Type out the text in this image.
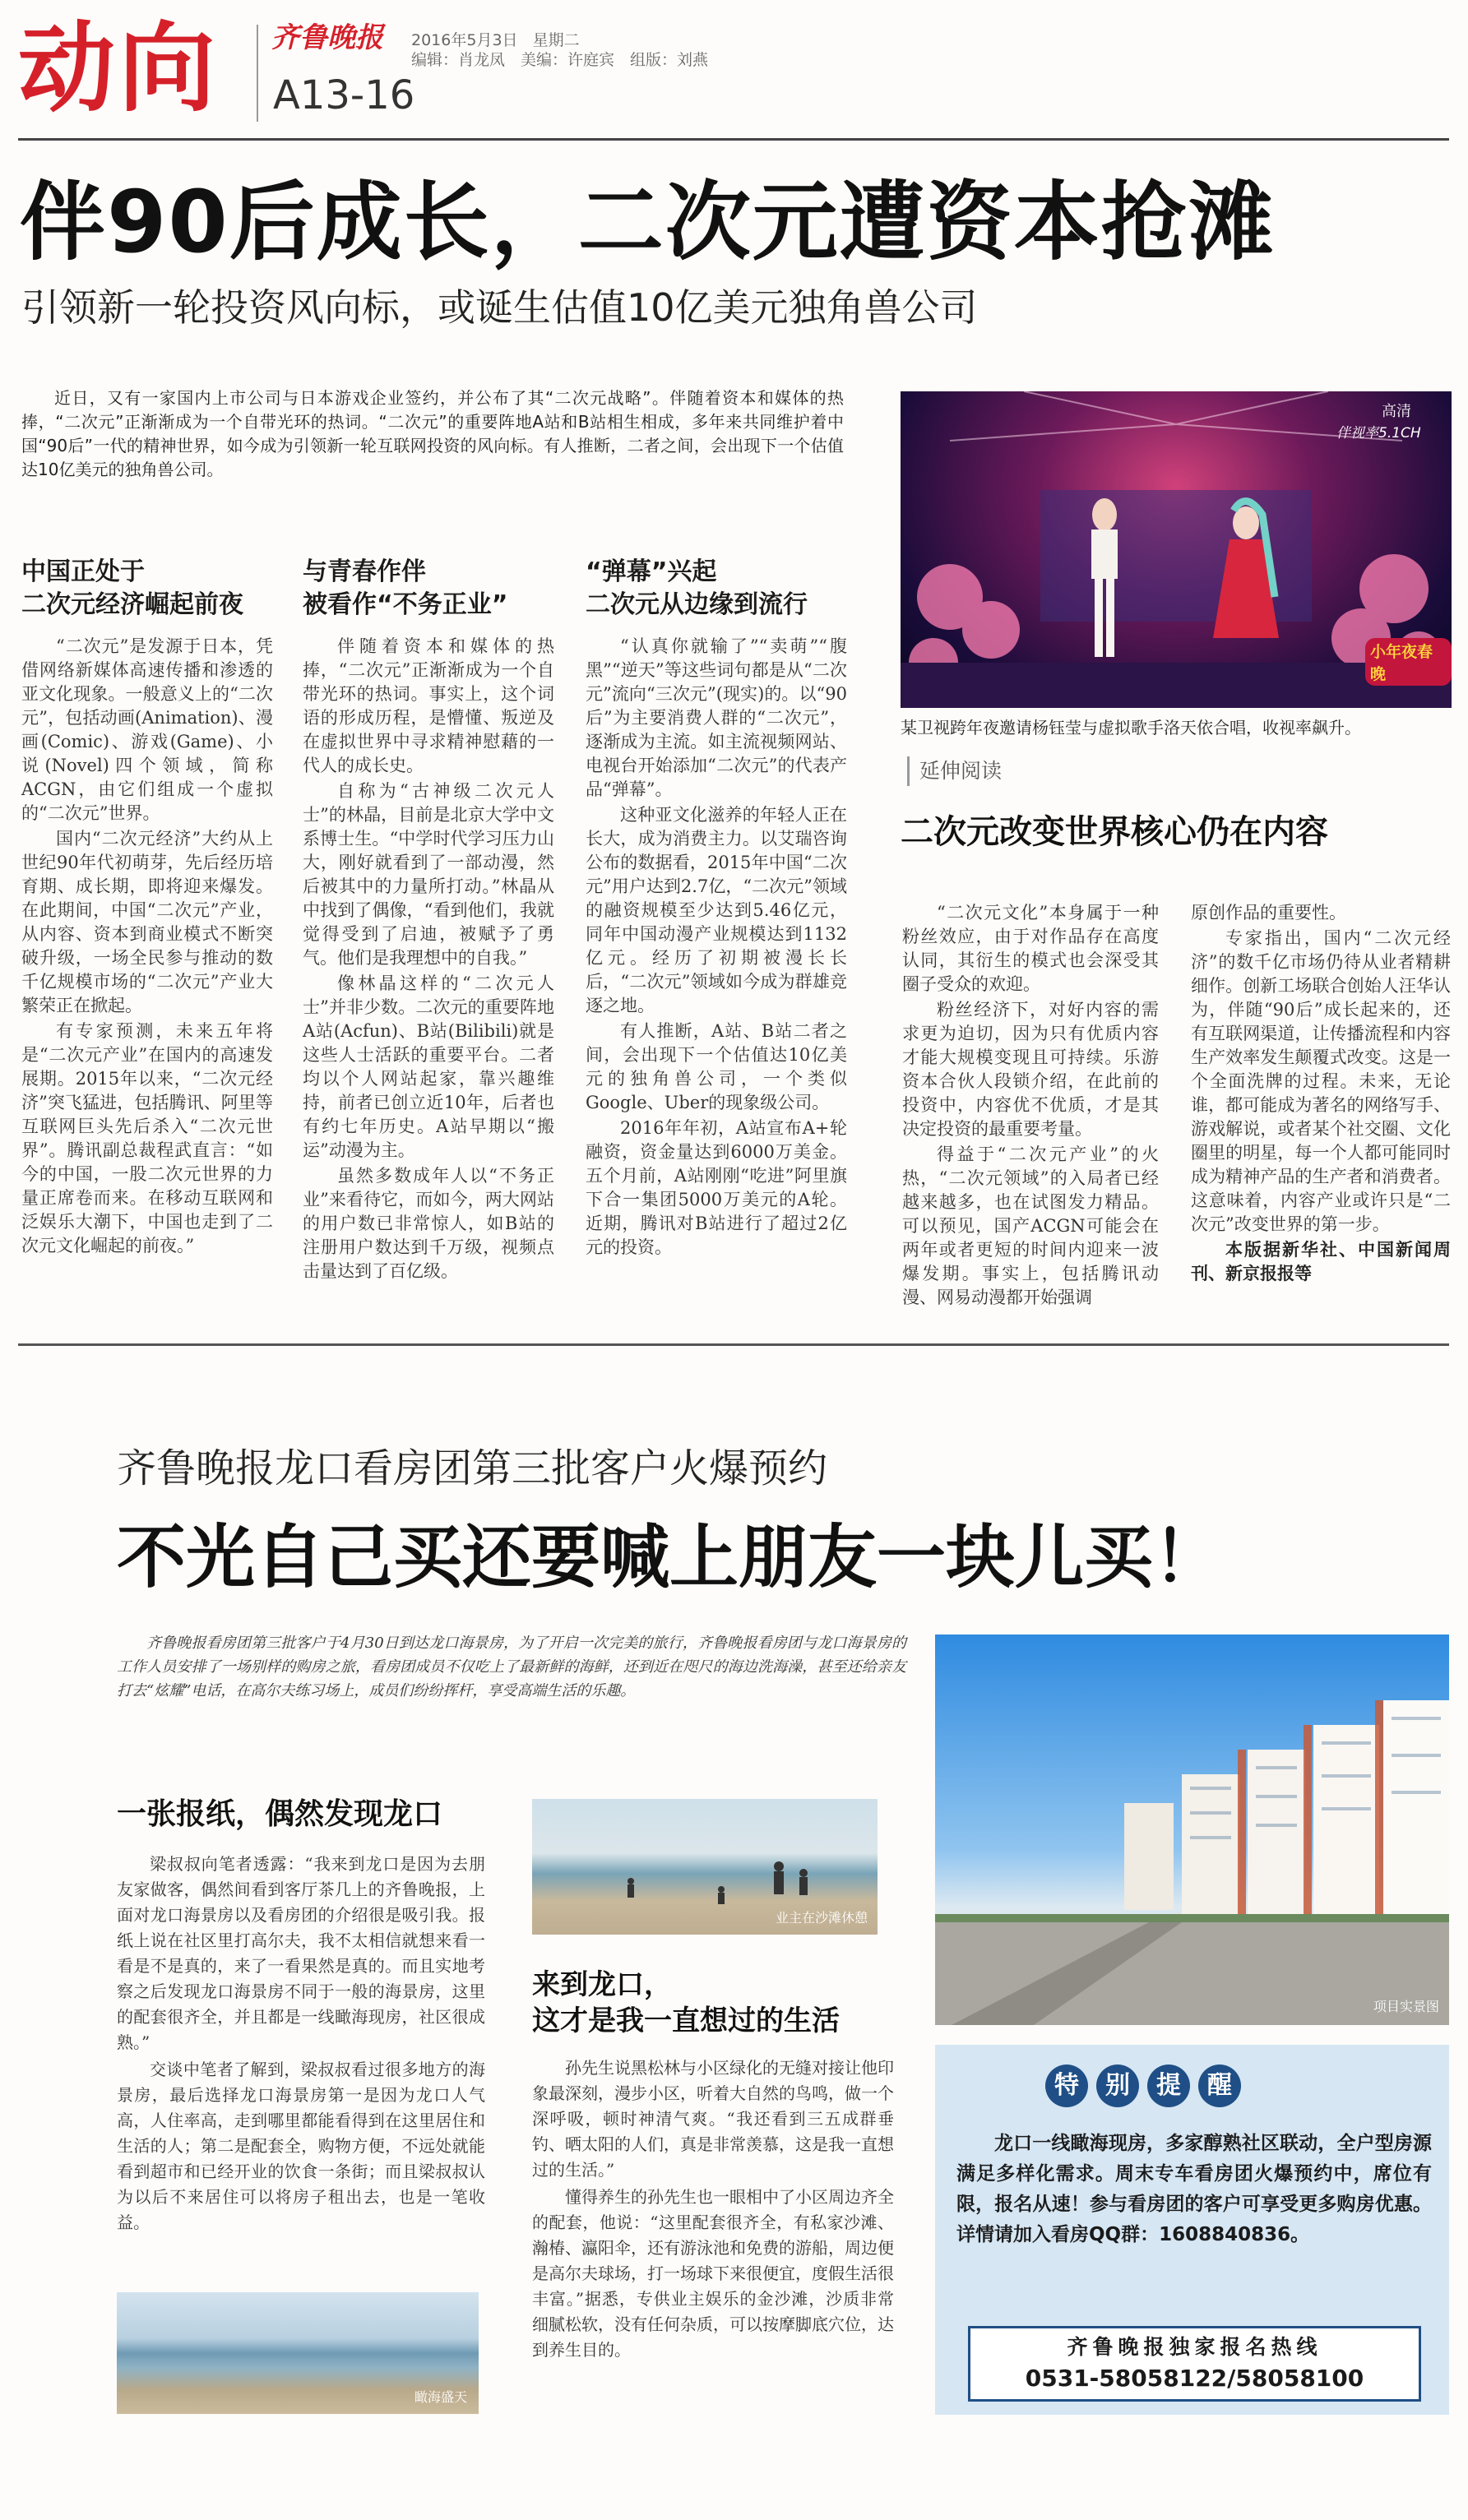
动向 齐鲁晚报 2016年5月3日 星期二
编辑：肖龙凤　美编：许庭宾　组版：刘燕
A13-16
伴90后成长，二次元遭资本抢滩
引领新一轮投资风向标，或诞生估值10亿美元独角兽公司
近日，又有一家国内上市公司与日本游戏企业签约，并公布了其“二次元战略”。伴随着资本和媒体的热捧，“二次元”正渐渐成为一个自带光环的热词。“二次元”的重要阵地A站和B站相生相成，多年来共同维护着中国“90后”一代的精神世界，如今成为引领新一轮互联网投资的风向标。有人推断，二者之间，会出现下一个估值达10亿美元的独角兽公司。
高清
伴视率5.1CH
小年夜春晚
某卫视跨年夜邀请杨钰莹与虚拟歌手洛天依合唱，收视率飙升。
中国正处于
二次元经济崛起前夜

“二次元”是发源于日本，凭借网络新媒体高速传播和渗透的亚文化现象。一般意义上的“二次元”，包括动画(Animation)、漫画(Comic)、游戏(Game)、小说(Novel)四个领域，简称ACGN，由它们组成一个虚拟的“二次元”世界。

国内“二次元经济”大约从上世纪90年代初萌芽，先后经历培育期、成长期，即将迎来爆发。在此期间，中国“二次元”产业，从内容、资本到商业模式不断突破升级，一场全民参与推动的数千亿规模市场的“二次元”产业大繁荣正在掀起。

有专家预测，未来五年将是“二次元产业”在国内的高速发展期。2015年以来，“二次元经济”突飞猛进，包括腾讯、阿里等互联网巨头先后杀入“二次元世界”。腾讯副总裁程武直言：“如今的中国，一股二次元世界的力量正席卷而来。在移动互联网和泛娱乐大潮下，中国也走到了二次元文化崛起的前夜。”

与青春作伴
被看作“不务正业”

伴随着资本和媒体的热捧，“二次元”正渐渐成为一个自带光环的热词。事实上，这个词语的形成历程，是懵懂、叛逆及在虚拟世界中寻求精神慰藉的一代人的成长史。

自称为“古神级二次元人士”的林晶，目前是北京大学中文系博士生。“中学时代学习压力山大，刚好就看到了一部动漫，然后被其中的力量所打动。”林晶从中找到了偶像，“看到他们，我就觉得受到了启迪，被赋予了勇气。他们是我理想中的自我。”

像林晶这样的“二次元人士”并非少数。二次元的重要阵地A站(Acfun)、B站(Bilibili)就是这些人士活跃的重要平台。二者均以个人网站起家，靠兴趣维持，前者已创立近10年，后者也有约七年历史。A站早期以“搬运”动漫为主。

虽然多数成年人以“不务正业”来看待它，而如今，两大网站的用户数已非常惊人，如B站的注册用户数达到千万级，视频点击量达到了百亿级。

“弹幕”兴起
二次元从边缘到流行

“认真你就输了”“卖萌”“腹黑”“逆天”等这些词句都是从“二次元”流向“三次元”(现实)的。以“90后”为主要消费人群的“二次元”，逐渐成为主流。如主流视频网站、电视台开始添加“二次元”的代表产品“弹幕”。

这种亚文化滋养的年轻人正在长大，成为消费主力。以艾瑞咨询公布的数据看，2015年中国“二次元”用户达到2.7亿，“二次元”领域的融资规模至少达到5.46亿元，同年中国动漫产业规模达到1132亿元。经历了初期被漫长长后，“二次元”领域如今成为群雄竞逐之地。

有人推断，A站、B站二者之间，会出现下一个估值达10亿美元的独角兽公司，一个类似Google、Uber的现象级公司。

2016年年初，A站宣布A+轮融资，资金量达到6000万美金。五个月前，A站刚刚“吃进”阿里旗下合一集团5000万美元的A轮。近期，腾讯对B站进行了超过2亿元的投资。

延伸阅读
二次元改变世界核心仍在内容

“二次元文化”本身属于一种粉丝效应，由于对作品存在高度认同，其衍生的模式也会深受其圈子受众的欢迎。

粉丝经济下，对好内容的需求更为迫切，因为只有优质内容才能大规模变现且可持续。乐游资本合伙人段锁介绍，在此前的投资中，内容优不优质，才是其决定投资的最重要考量。

得益于“二次元产业”的火热，“二次元领域”的入局者已经越来越多，也在试图发力精品。可以预见，国产ACGN可能会在两年或者更短的时间内迎来一波爆发期。事实上，包括腾讯动漫、网易动漫都开始强调

原创作品的重要性。

专家指出，国内“二次元经济”的数千亿市场仍待从业者精耕细作。创新工场联合创始人汪华认为，伴随“90后”成长起来的，还有互联网渠道，让传播流程和内容生产效率发生颠覆式改变。这是一个全面洗牌的过程。未来，无论谁，都可能成为著名的网络写手、游戏解说，或者某个社交圈、文化圈里的明星，每一个人都可能同时成为精神产品的生产者和消费者。这意味着，内容产业或许只是“二次元”改变世界的第一步。

本版据新华社、中国新闻周刊、新京报报等

齐鲁晚报龙口看房团第三批客户火爆预约
不光自己买还要喊上朋友一块儿买！
齐鲁晚报看房团第三批客户于4月30日到达龙口海景房，为了开启一次完美的旅行，齐鲁晚报看房团与龙口海景房的工作人员安排了一场别样的购房之旅，看房团成员不仅吃上了最新鲜的海鲜，还到近在咫尺的海边洗海澡，甚至还给亲友打去“炫耀”电话，在高尔夫练习场上，成员们纷纷挥杆，享受高端生活的乐趣。
项目实景图
一张报纸，偶然发现龙口

梁叔叔向笔者透露：“我来到龙口是因为去朋友家做客，偶然间看到客厅茶几上的齐鲁晚报，上面对龙口海景房以及看房团的介绍很是吸引我。报纸上说在社区里打高尔夫，我不太相信就想来看一看是不是真的，来了一看果然是真的。而且实地考察之后发现龙口海景房不同于一般的海景房，这里的配套很齐全，并且都是一线瞰海现房，社区很成熟。”

交谈中笔者了解到，梁叔叔看过很多地方的海景房，最后选择龙口海景房第一是因为龙口人气高，人住率高，走到哪里都能看得到在这里居住和生活的人；第二是配套全，购物方便，不远处就能看到超市和已经开业的饮食一条街；而且梁叔叔认为以后不来居住可以将房子租出去，也是一笔收益。

业主在沙滩休憩
来到龙口，
这才是我一直想过的生活

孙先生说黑松林与小区绿化的无缝对接让他印象最深刻，漫步小区，听着大自然的鸟鸣，做一个深呼吸，顿时神清气爽。“我还看到三五成群垂钓、晒太阳的人们，真是非常羡慕，这是我一直想过的生活。”

懂得养生的孙先生也一眼相中了小区周边齐全的配套，他说：“这里配套很齐全，有私家沙滩、瀚椿、瀛阳伞，还有游泳池和免费的游船，周边便是高尔夫球场，打一场球下来很便宜，度假生活很丰富。”据悉，专供业主娱乐的金沙滩，沙质非常细腻松软，没有任何杂质，可以按摩脚底穴位，达到养生目的。

瞰海盛天
特	别	提	醒
龙口一线瞰海现房，多家醇熟社区联动，全户型房源满足多样化需求。周末专车看房团火爆预约中，席位有限，报名从速！参与看房团的客户可享受更多购房优惠。详情请加入看房QQ群：1608840836。
齐鲁晚报独家报名热线
0531-58058122/58058100
